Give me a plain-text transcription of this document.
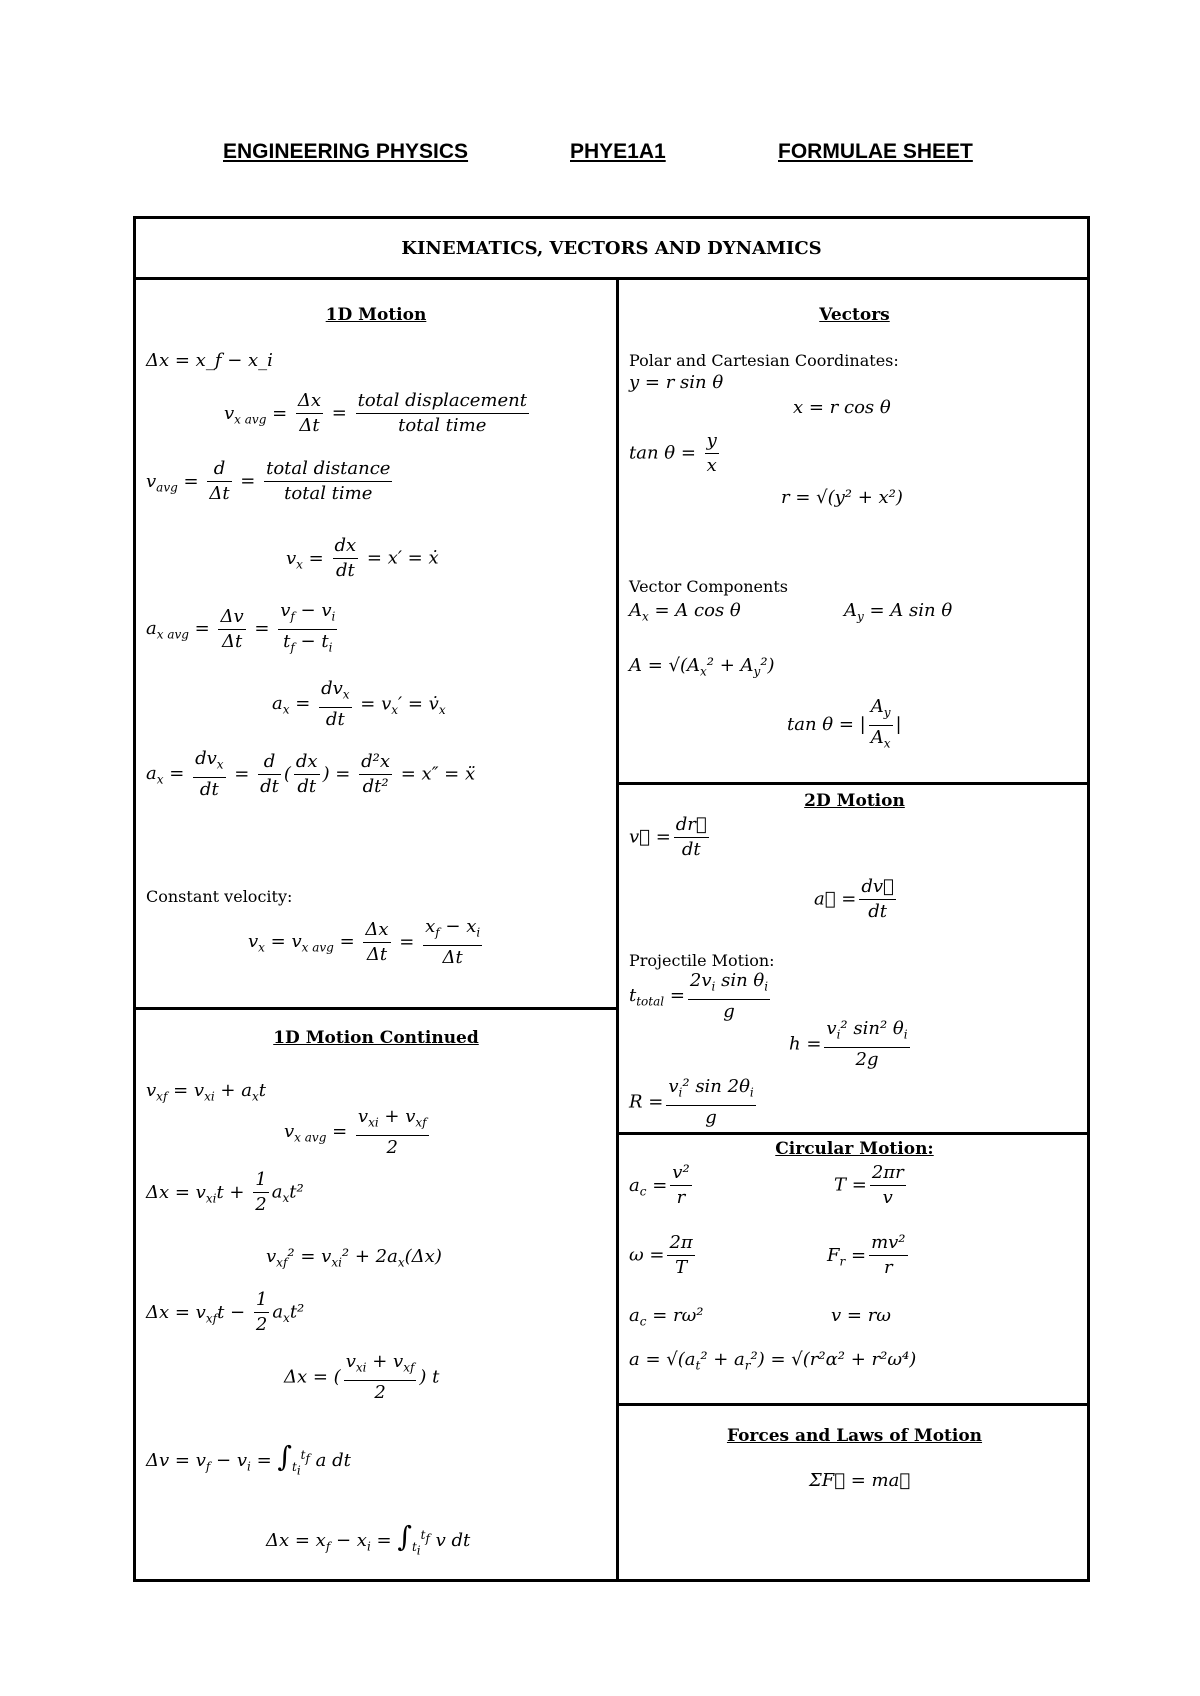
ENGINEERING PHYSICS	PHYE1A1	FORMULAE SHEET
KINEMATICS, VECTORS AND DYNAMICS
1D Motion
Δx = x_f − x_i
$v_{x avg} = \frac{\Delta x}{\Delta t}$ =
total displacement
total time
$v_{avg} = \frac{d}{\Delta t}$ =
total distance
total time
$v_x = \frac{dx}{dt} = x'$ = ẋ
$a_{x avg} = \frac{\Delta v}{\Delta t} = \frac{v_f - v_i}{t_f - t_i}$
$a_x$ =
$dv_x$
dt
= $v_x'$ = $v̇_x$
$a_x$ =
$dv_x$
dt
= $\frac{d}{dt}$ ( $\frac{dx}{dt}$ ) = $\frac{\text{d²x}}{\text{dt²}} = x''$ = ẍ
Constant velocity:
$v_x = v_{x avg} = \frac{\Delta x}{\Delta t} = \frac{x_f - x_i}{\Delta t}$
1D Motion Continued
$v_{xf} = v_{xi} + a_xt$
$v_{x avg}$ =
$v_{xi} + v_{xf}$
2
$\Delta x = v_{xi}t + \frac{1}{2} a_xt^2$
$v_{xf}^2 = v_{xi}^2 + 2a_x(\Delta x)$
$\Delta x = v_{xf}t - \frac{1}{2} a_xt^2$
Δx = (
$v_{xi} + v_{xf}$
2
) t
$\Delta v = v_f - v_i = \int_{t_i}^{t_f}$ a dt
$\Delta x = x_f - x_i = \int_{t_i}^{t_f}$ v dt
Vectors
Polar and Cartesian Coordinates:
y = r sin θ
x = r cos θ
$\tan \theta = \frac{y}{x}$
r = √(y² + x²)
Vector Components
$A_x = A$ cos θ	$A_y = A$ sin θ
$A = √(A_x^2 + A_y^2)$
tan θ = | $\frac{A_y}{A_x}$ |
2D Motion
v⃗ = $\frac{dr⃗}{dt}$
a⃗ = $\frac{dv⃗}{dt}$
Projectile Motion:
$t_{total} = \frac{2v_i \sin \theta_i}{g}$
$h = \frac{v_i^2 \sin^2 \theta_i}{2g}$
$R = \frac{v_i^2 \sin 2\theta_i}{g}$
Circular Motion:
$a_c = \frac{\text{v²}}{r}$	$T = \frac{2\pi r}{v}$
$\omega = \frac{2\pi}{T}$	$F_r = \frac{\text{mv²}}{r}$
$a_c = r\omega^2$	v = rω
$a = √(a_t^2 + a_r^2) = √(r^2\alpha^2 + r^2\omega^4)$
Forces and Laws of Motion
ΣF⃗ = ma⃗
